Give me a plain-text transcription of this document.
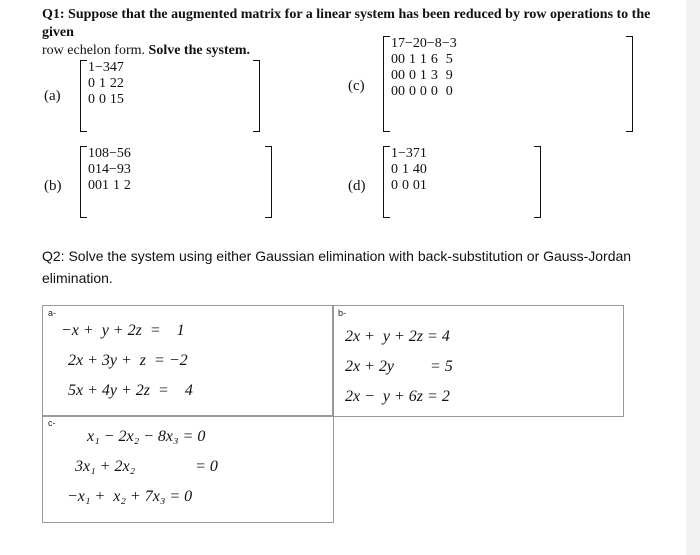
Q1: Suppose that the augmented matrix for a linear system has been reduced by row operations to the given
row echelon form. Solve the system.
(a)
1	−3	4	7
0	1	2	2
0	0	1	5
(b)
1	0	8	−5	6
0	1	4	−9	3
0	0	1	1	2
(c)
1	7	−2	0	−8	−3
0	0	1	1	6	5
0	0	0	1	3	9
0	0	0	0	0	0
(d)
1	−3	7	1
0	1	4	0
0	0	0	1
Q2: Solve the system using either Gaussian elimination with back-substitution or Gauss-Jordan
elimination.
a-
−x +  y + 2z  =    1
2x + 3y +  z  = −2
5x + 4y + 2z  =    4
b-
2x +  y + 2z = 4
2x + 2y         = 5
2x −  y + 6z = 2
c-
x₁ − 2x₂ − 8x₃ = 0
3x₁ + 2x₂               = 0
−x₁ +  x₂ + 7x₃ = 0
